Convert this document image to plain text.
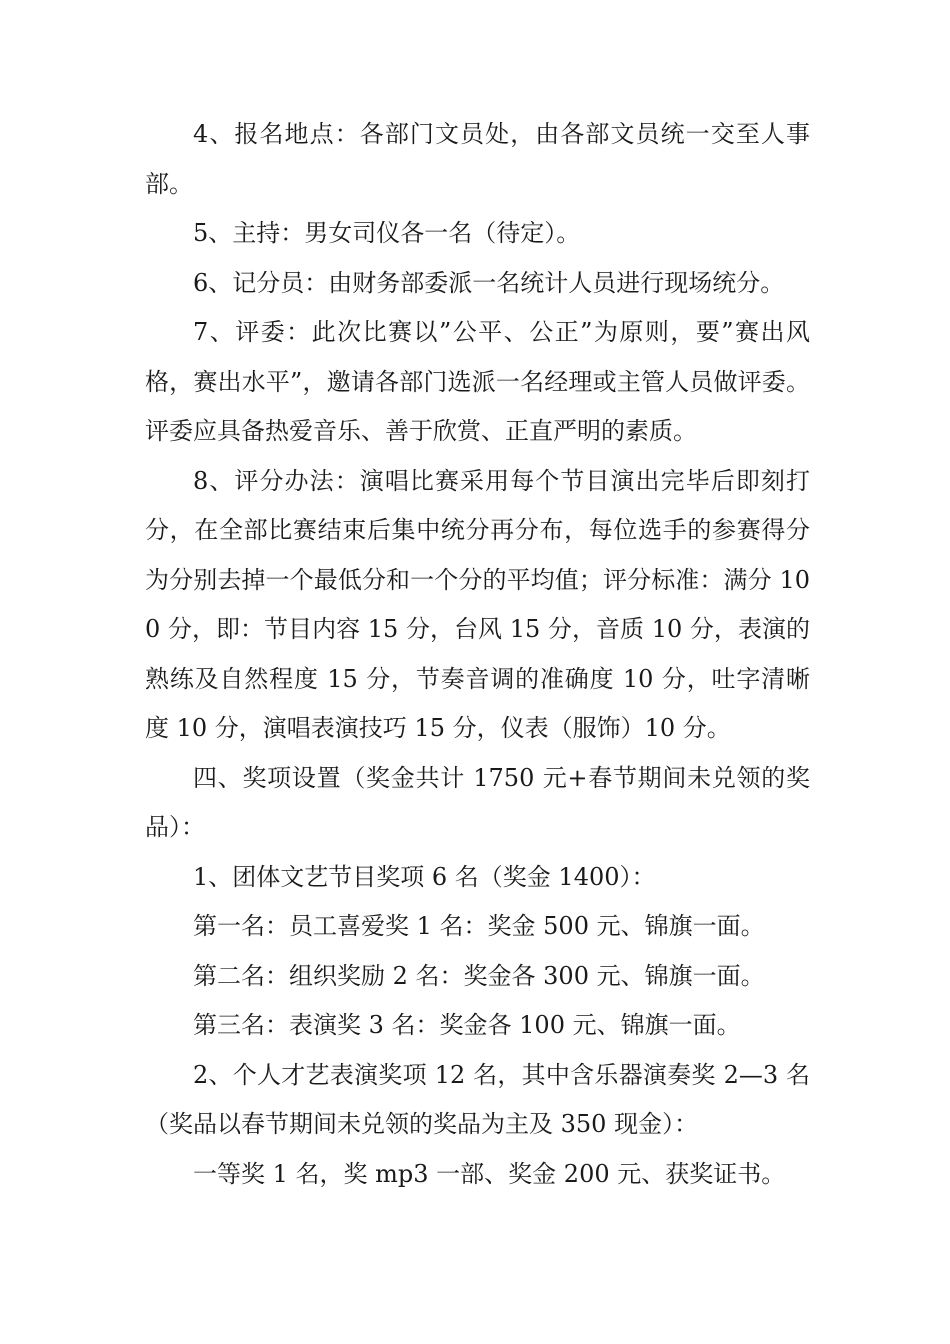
4、报名地点：各部门文员处，由各部文员统一交至人事部。

5、主持：男女司仪各一名（待定）。

6、记分员：由财务部委派一名统计人员进行现场统分。

7、评委：此次比赛以”公平、公正”为原则，要”赛出风格，赛出水平”，邀请各部门选派一名经理或主管人员做评委。评委应具备热爱音乐、善于欣赏、正直严明的素质。

8、评分办法：演唱比赛采用每个节目演出完毕后即刻打分，在全部比赛结束后集中统分再分布，每位选手的参赛得分为分别去掉一个最低分和一个分的平均值；评分标准：满分 100 分，即：节目内容 15 分，台风 15 分，音质 10 分，表演的熟练及自然程度 15 分，节奏音调的准确度 10 分，吐字清晰度 10 分，演唱表演技巧 15 分，仪表（服饰）10 分。

四、奖项设置（奖金共计 1750 元+春节期间未兑领的奖品）：

1、团体文艺节目奖项 6 名（奖金 1400）：

第一名：员工喜爱奖 1 名：奖金 500 元、锦旗一面。

第二名：组织奖励 2 名：奖金各 300 元、锦旗一面。

第三名：表演奖 3 名：奖金各 100 元、锦旗一面。

2、个人才艺表演奖项 12 名，其中含乐器演奏奖 2—3 名（奖品以春节期间未兑领的奖品为主及 350 现金）：

一等奖 1 名，奖 mp3 一部、奖金 200 元、获奖证书。
